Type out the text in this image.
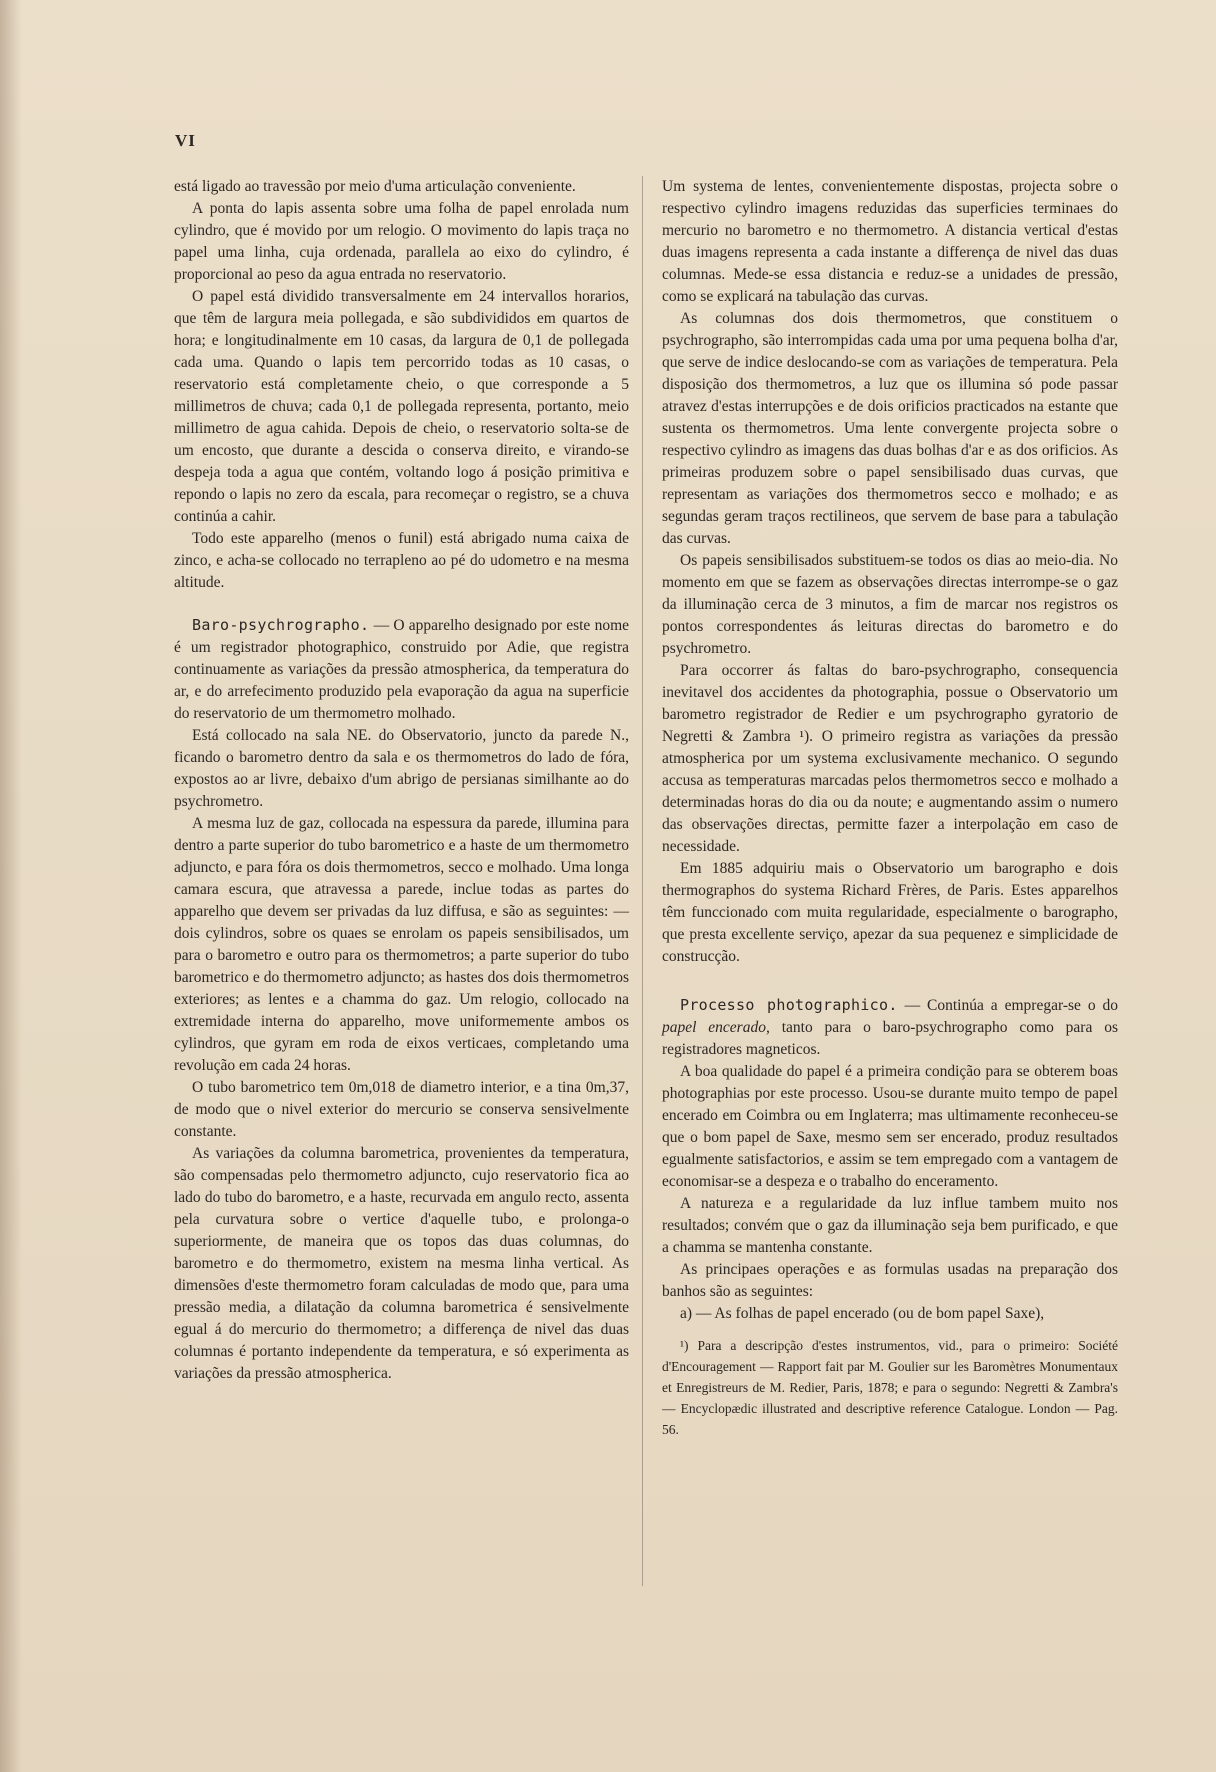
VI

está ligado ao travessão por meio d'uma articulação conveniente.

A ponta do lapis assenta sobre uma folha de papel enrolada num cylindro, que é movido por um relogio. O movimento do lapis traça no papel uma linha, cuja ordenada, parallela ao eixo do cylindro, é proporcional ao peso da agua entrada no reservatorio.

O papel está dividido transversalmente em 24 intervallos horarios, que têm de largura meia pollegada, e são subdivididos em quartos de hora; e longitudinalmente em 10 casas, da largura de 0,1 de pollegada cada uma. Quando o lapis tem percorrido todas as 10 casas, o reservatorio está completamente cheio, o que corresponde a 5 millimetros de chuva; cada 0,1 de pollegada representa, portanto, meio millimetro de agua cahida. Depois de cheio, o reservatorio solta-se de um encosto, que durante a descida o conserva direito, e virando-se despeja toda a agua que contém, voltando logo á posição primitiva e repondo o lapis no zero da escala, para recomeçar o registro, se a chuva continúa a cahir.

Todo este apparelho (menos o funil) está abrigado numa caixa de zinco, e acha-se collocado no terrapleno ao pé do udometro e na mesma altitude.

Baro-psychrographo. — O apparelho designado por este nome é um registrador photographico, construido por Adie, que registra continuamente as variações da pressão atmospherica, da temperatura do ar, e do arrefecimento produzido pela evaporação da agua na superficie do reservatorio de um thermometro molhado.

Está collocado na sala NE. do Observatorio, juncto da parede N., ficando o barometro dentro da sala e os thermometros do lado de fóra, expostos ao ar livre, debaixo d'um abrigo de persianas similhante ao do psychrometro.

A mesma luz de gaz, collocada na espessura da parede, illumina para dentro a parte superior do tubo barometrico e a haste de um thermometro adjuncto, e para fóra os dois thermometros, secco e molhado. Uma longa camara escura, que atravessa a parede, inclue todas as partes do apparelho que devem ser privadas da luz diffusa, e são as seguintes: — dois cylindros, sobre os quaes se enrolam os papeis sensibilisados, um para o barometro e outro para os thermometros; a parte superior do tubo barometrico e do thermometro adjuncto; as hastes dos dois thermometros exteriores; as lentes e a chamma do gaz. Um relogio, collocado na extremidade interna do apparelho, move uniformemente ambos os cylindros, que gyram em roda de eixos verticaes, completando uma revolução em cada 24 horas.

O tubo barometrico tem 0m,018 de diametro interior, e a tina 0m,37, de modo que o nivel exterior do mercurio se conserva sensivelmente constante.

As variações da columna barometrica, provenientes da temperatura, são compensadas pelo thermometro adjuncto, cujo reservatorio fica ao lado do tubo do barometro, e a haste, recurvada em angulo recto, assenta pela curvatura sobre o vertice d'aquelle tubo, e prolonga-o superiormente, de maneira que os topos das duas columnas, do barometro e do thermometro, existem na mesma linha vertical. As dimensões d'este thermometro foram calculadas de modo que, para uma pressão media, a dilatação da columna barometrica é sensivelmente egual á do mercurio do thermometro; a differença de nivel das duas columnas é portanto independente da temperatura, e só experimenta as variações da pressão atmospherica.

Um systema de lentes, convenientemente dispostas, projecta sobre o respectivo cylindro imagens reduzidas das superficies terminaes do mercurio no barometro e no thermometro. A distancia vertical d'estas duas imagens representa a cada instante a differença de nivel das duas columnas. Mede-se essa distancia e reduz-se a unidades de pressão, como se explicará na tabulação das curvas.

As columnas dos dois thermometros, que constituem o psychrographo, são interrompidas cada uma por uma pequena bolha d'ar, que serve de indice deslocando-se com as variações de temperatura. Pela disposição dos thermometros, a luz que os illumina só pode passar atravez d'estas interrupções e de dois orificios practicados na estante que sustenta os thermometros. Uma lente convergente projecta sobre o respectivo cylindro as imagens das duas bolhas d'ar e as dos orificios. As primeiras produzem sobre o papel sensibilisado duas curvas, que representam as variações dos thermometros secco e molhado; e as segundas geram traços rectilineos, que servem de base para a tabulação das curvas.

Os papeis sensibilisados substituem-se todos os dias ao meio-dia. No momento em que se fazem as observações directas interrompe-se o gaz da illuminação cerca de 3 minutos, a fim de marcar nos registros os pontos correspondentes ás leituras directas do barometro e do psychrometro.

Para occorrer ás faltas do baro-psychrographo, consequencia inevitavel dos accidentes da photographia, possue o Observatorio um barometro registrador de Redier e um psychrographo gyratorio de Negretti & Zambra ¹). O primeiro registra as variações da pressão atmospherica por um systema exclusivamente mechanico. O segundo accusa as temperaturas marcadas pelos thermometros secco e molhado a determinadas horas do dia ou da noute; e augmentando assim o numero das observações directas, permitte fazer a interpolação em caso de necessidade.

Em 1885 adquiriu mais o Observatorio um barographo e dois thermographos do systema Richard Frères, de Paris. Estes apparelhos têm funccionado com muita regularidade, especialmente o barographo, que presta excellente serviço, apezar da sua pequenez e simplicidade de construcção.

Processo photographico. — Continúa a empregar-se o do papel encerado, tanto para o baro-psychrographo como para os registradores magneticos.

A boa qualidade do papel é a primeira condição para se obterem boas photographias por este processo. Usou-se durante muito tempo de papel encerado em Coimbra ou em Inglaterra; mas ultimamente reconheceu-se que o bom papel de Saxe, mesmo sem ser encerado, produz resultados egualmente satisfactorios, e assim se tem empregado com a vantagem de economisar-se a despeza e o trabalho do enceramento.

A natureza e a regularidade da luz influe tambem muito nos resultados; convém que o gaz da illuminação seja bem purificado, e que a chamma se mantenha constante.

As principaes operações e as formulas usadas na preparação dos banhos são as seguintes:

a) — As folhas de papel encerado (ou de bom papel Saxe),

¹) Para a descripção d'estes instrumentos, vid., para o primeiro: Société d'Encouragement — Rapport fait par M. Goulier sur les Baromètres Monumentaux et Enregistreurs de M. Redier, Paris, 1878; e para o segundo: Negretti & Zambra's — Encyclopædic illustrated and descriptive reference Catalogue. London — Pag. 56.
